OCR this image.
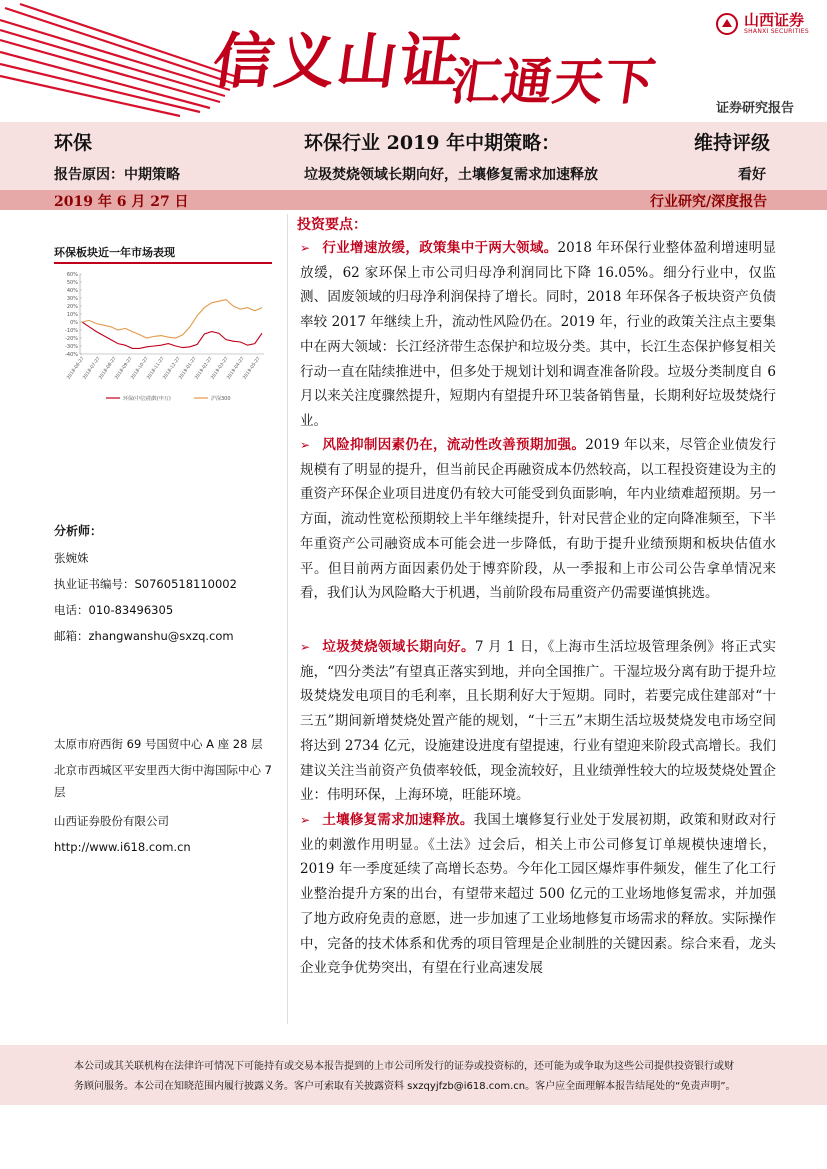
信义山证
汇通天下
山西证券
SHANXI SECURITIES
证券研究报告
环保	环保行业 2019 年中期策略：	维持评级
报告原因：中期策略	垃圾焚烧领域长期向好，土壤修复需求加速释放	看好
2019 年 6 月 27 日	行业研究/深度报告
环保板块近一年市场表现
60%
50%
40%
30%
20%
10%
0%
-10%
-20%
-30%
-40%
2018-06-27
2018-07-27
2018-08-27
2018-09-27
2018-10-27
2018-11-27
2018-12-27
2019-01-27
2019-02-27
2019-03-27
2019-04-27
2019-05-27
环保(中信)指数(申万)	沪深300
分析师：
张婉姝
执业证书编号：S0760518110002
电话：010-83496305
邮箱：zhangwanshu@sxzq.com
太原市府西街 69 号国贸中心 A 座 28 层
北京市西城区平安里西大街中海国际中心 7 层
山西证券股份有限公司
http://www.i618.com.cn
投资要点：
➢ 行业增速放缓，政策集中于两大领域。2018 年环保行业整体盈利增速明显放缓，62 家环保上市公司归母净利润同比下降 16.05%。细分行业中，仅监测、固废领域的归母净利润保持了增长。同时，2018 年环保各子板块资产负债率较 2017 年继续上升，流动性风险仍在。2019 年，行业的政策关注点主要集中在两大领域：长江经济带生态保护和垃圾分类。其中，长江生态保护修复相关行动一直在陆续推进中，但多处于规划计划和调查准备阶段。垃圾分类制度自 6 月以来关注度骤然提升，短期内有望提升环卫装备销售量，长期利好垃圾焚烧行业。
➢ 风险抑制因素仍在，流动性改善预期加强。2019 年以来，尽管企业债发行规模有了明显的提升，但当前民企再融资成本仍然较高，以工程投资建设为主的重资产环保企业项目进度仍有较大可能受到负面影响，年内业绩难超预期。另一方面，流动性宽松预期较上半年继续提升，针对民营企业的定向降准频至，下半年重资产公司融资成本可能会进一步降低，有助于提升业绩预期和板块估值水平。但目前两方面因素仍处于博弈阶段，从一季报和上市公司公告拿单情况来看，我们认为风险略大于机遇，当前阶段布局重资产仍需要谨慎挑选。
➢ 垃圾焚烧领域长期向好。7 月 1 日，《上海市生活垃圾管理条例》将正式实施，“四分类法”有望真正落实到地，并向全国推广。干湿垃圾分离有助于提升垃圾焚烧发电项目的毛利率，且长期利好大于短期。同时，若要完成住建部对“十三五”期间新增焚烧处置产能的规划，“十三五”末期生活垃圾焚烧发电市场空间将达到 2734 亿元，设施建设进度有望提速，行业有望迎来阶段式高增长。我们建议关注当前资产负债率较低，现金流较好，且业绩弹性较大的垃圾焚烧处置企业：伟明环保，上海环境，旺能环境。
➢ 土壤修复需求加速释放。我国土壤修复行业处于发展初期，政策和财政对行业的刺激作用明显。《土法》过会后，相关上市公司修复订单规模快速增长，2019 年一季度延续了高增长态势。今年化工园区爆炸事件频发，催生了化工行业整治提升方案的出台，有望带来超过 500 亿元的工业场地修复需求，并加强了地方政府免责的意愿，进一步加速了工业场地修复市场需求的释放。实际操作中，完备的技术体系和优秀的项目管理是企业制胜的关键因素。综合来看，龙头企业竞争优势突出，有望在行业高速发展
本公司或其关联机构在法律许可情况下可能持有或交易本报告提到的上市公司所发行的证券或投资标的，还可能为或争取为这些公司提供投资银行或财
务顾问服务。本公司在知晓范围内履行披露义务。客户可索取有关披露资料 sxzqyjfzb@i618.com.cn。客户应全面理解本报告结尾处的“免责声明”。
